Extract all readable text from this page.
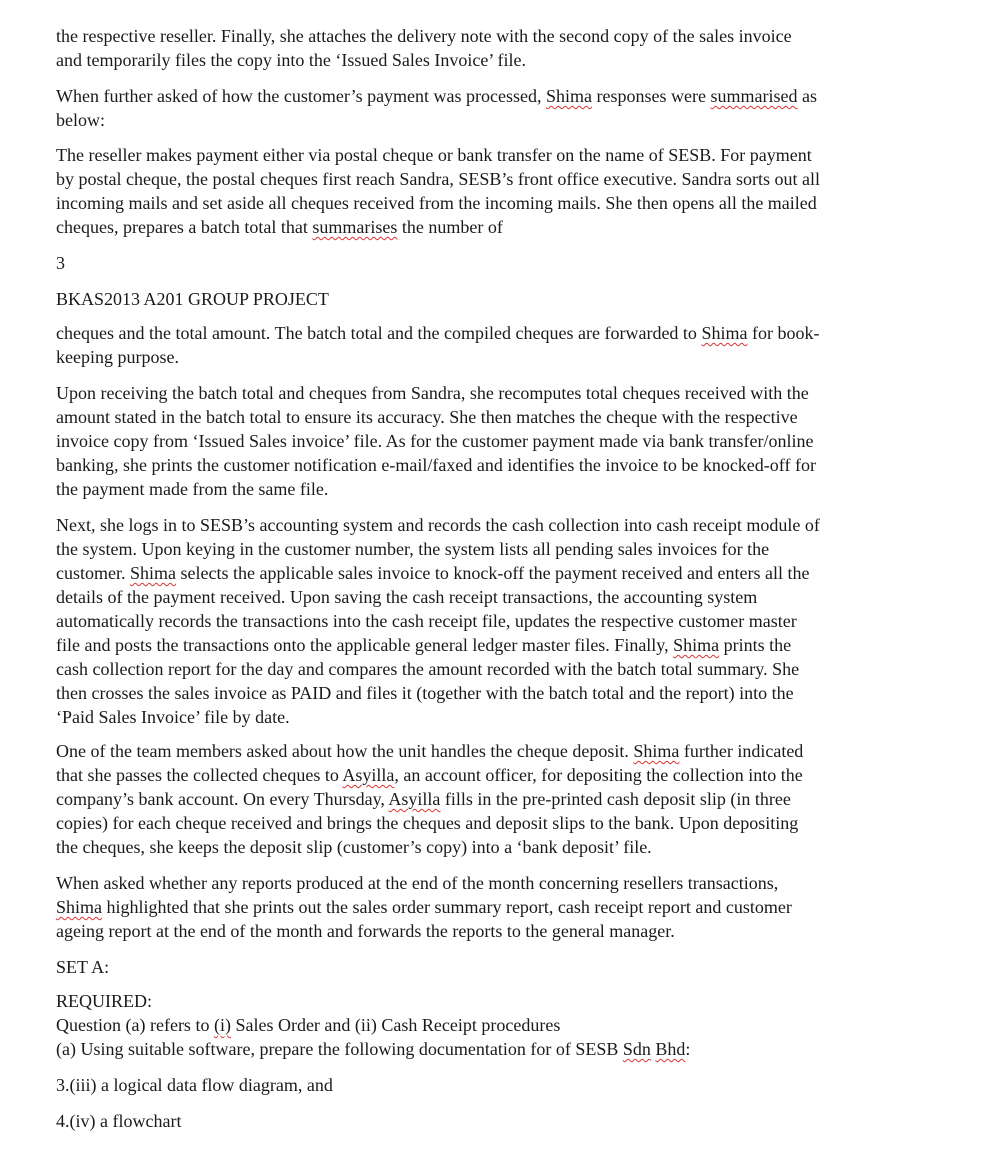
the respective reseller. Finally, she attaches the delivery note with the second copy of the sales invoice
and temporarily files the copy into the ‘Issued Sales Invoice’ file.

When further asked of how the customer’s payment was processed, Shima responses were summarised as
below:

The reseller makes payment either via postal cheque or bank transfer on the name of SESB. For payment
by postal cheque, the postal cheques first reach Sandra, SESB’s front office executive. Sandra sorts out all
incoming mails and set aside all cheques received from the incoming mails. She then opens all the mailed
cheques, prepares a batch total that summarises the number of

3

BKAS2013 A201 GROUP PROJECT

cheques and the total amount. The batch total and the compiled cheques are forwarded to Shima for book-
keeping purpose.

Upon receiving the batch total and cheques from Sandra, she recomputes total cheques received with the
amount stated in the batch total to ensure its accuracy. She then matches the cheque with the respective
invoice copy from ‘Issued Sales invoice’ file. As for the customer payment made via bank transfer/online
banking, she prints the customer notification e-mail/faxed and identifies the invoice to be knocked-off for
the payment made from the same file.

Next, she logs in to SESB’s accounting system and records the cash collection into cash receipt module of
the system. Upon keying in the customer number, the system lists all pending sales invoices for the
customer. Shima selects the applicable sales invoice to knock-off the payment received and enters all the
details of the payment received. Upon saving the cash receipt transactions, the accounting system
automatically records the transactions into the cash receipt file, updates the respective customer master
file and posts the transactions onto the applicable general ledger master files. Finally, Shima prints the
cash collection report for the day and compares the amount recorded with the batch total summary. She
then crosses the sales invoice as PAID and files it (together with the batch total and the report) into the
‘Paid Sales Invoice’ file by date.

One of the team members asked about how the unit handles the cheque deposit. Shima further indicated
that she passes the collected cheques to Asyilla, an account officer, for depositing the collection into the
company’s bank account. On every Thursday, Asyilla fills in the pre-printed cash deposit slip (in three
copies) for each cheque received and brings the cheques and deposit slips to the bank. Upon depositing
the cheques, she keeps the deposit slip (customer’s copy) into a ‘bank deposit’ file.

When asked whether any reports produced at the end of the month concerning resellers transactions,
Shima highlighted that she prints out the sales order summary report, cash receipt report and customer
ageing report at the end of the month and forwards the reports to the general manager.

SET A:

REQUIRED:
Question (a) refers to (i) Sales Order and (ii) Cash Receipt procedures
(a) Using suitable software, prepare the following documentation for of SESB Sdn Bhd:

3.(iii) a logical data flow diagram, and

4.(iv) a flowchart
